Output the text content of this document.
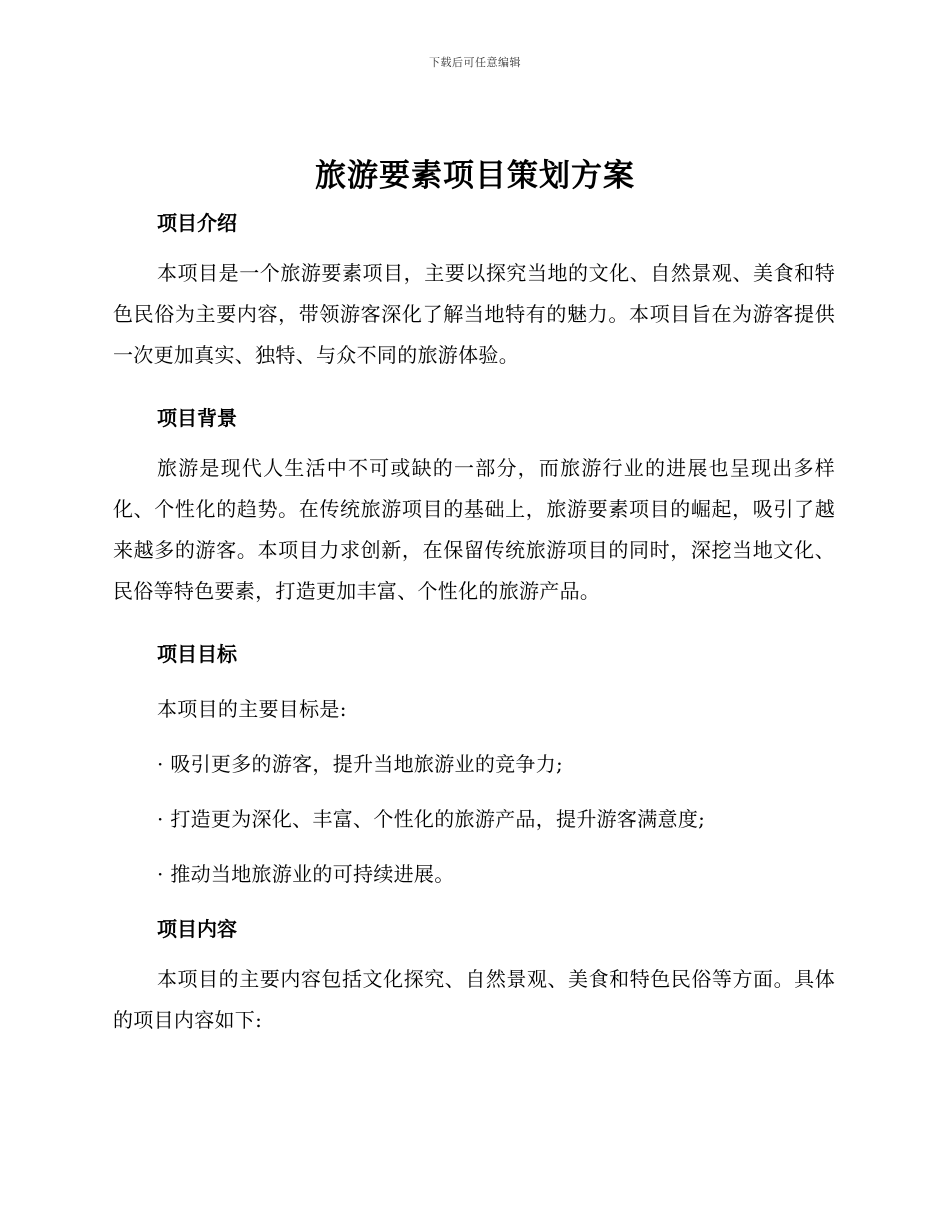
下载后可任意编辑
旅游要素项目策划方案
项目介绍
本项目是一个旅游要素项目，主要以探究当地的文化、自然景观、美食和特色民俗为主要内容，带领游客深化了解当地特有的魅力。本项目旨在为游客提供一次更加真实、独特、与众不同的旅游体验。
项目背景
旅游是现代人生活中不可或缺的一部分，而旅游行业的进展也呈现出多样化、个性化的趋势。在传统旅游项目的基础上，旅游要素项目的崛起，吸引了越来越多的游客。本项目力求创新，在保留传统旅游项目的同时，深挖当地文化、民俗等特色要素，打造更加丰富、个性化的旅游产品。
项目目标
本项目的主要目标是:
· 吸引更多的游客，提升当地旅游业的竞争力;
· 打造更为深化、丰富、个性化的旅游产品，提升游客满意度;
· 推动当地旅游业的可持续进展。
项目内容
本项目的主要内容包括文化探究、自然景观、美食和特色民俗等方面。具体的项目内容如下:
